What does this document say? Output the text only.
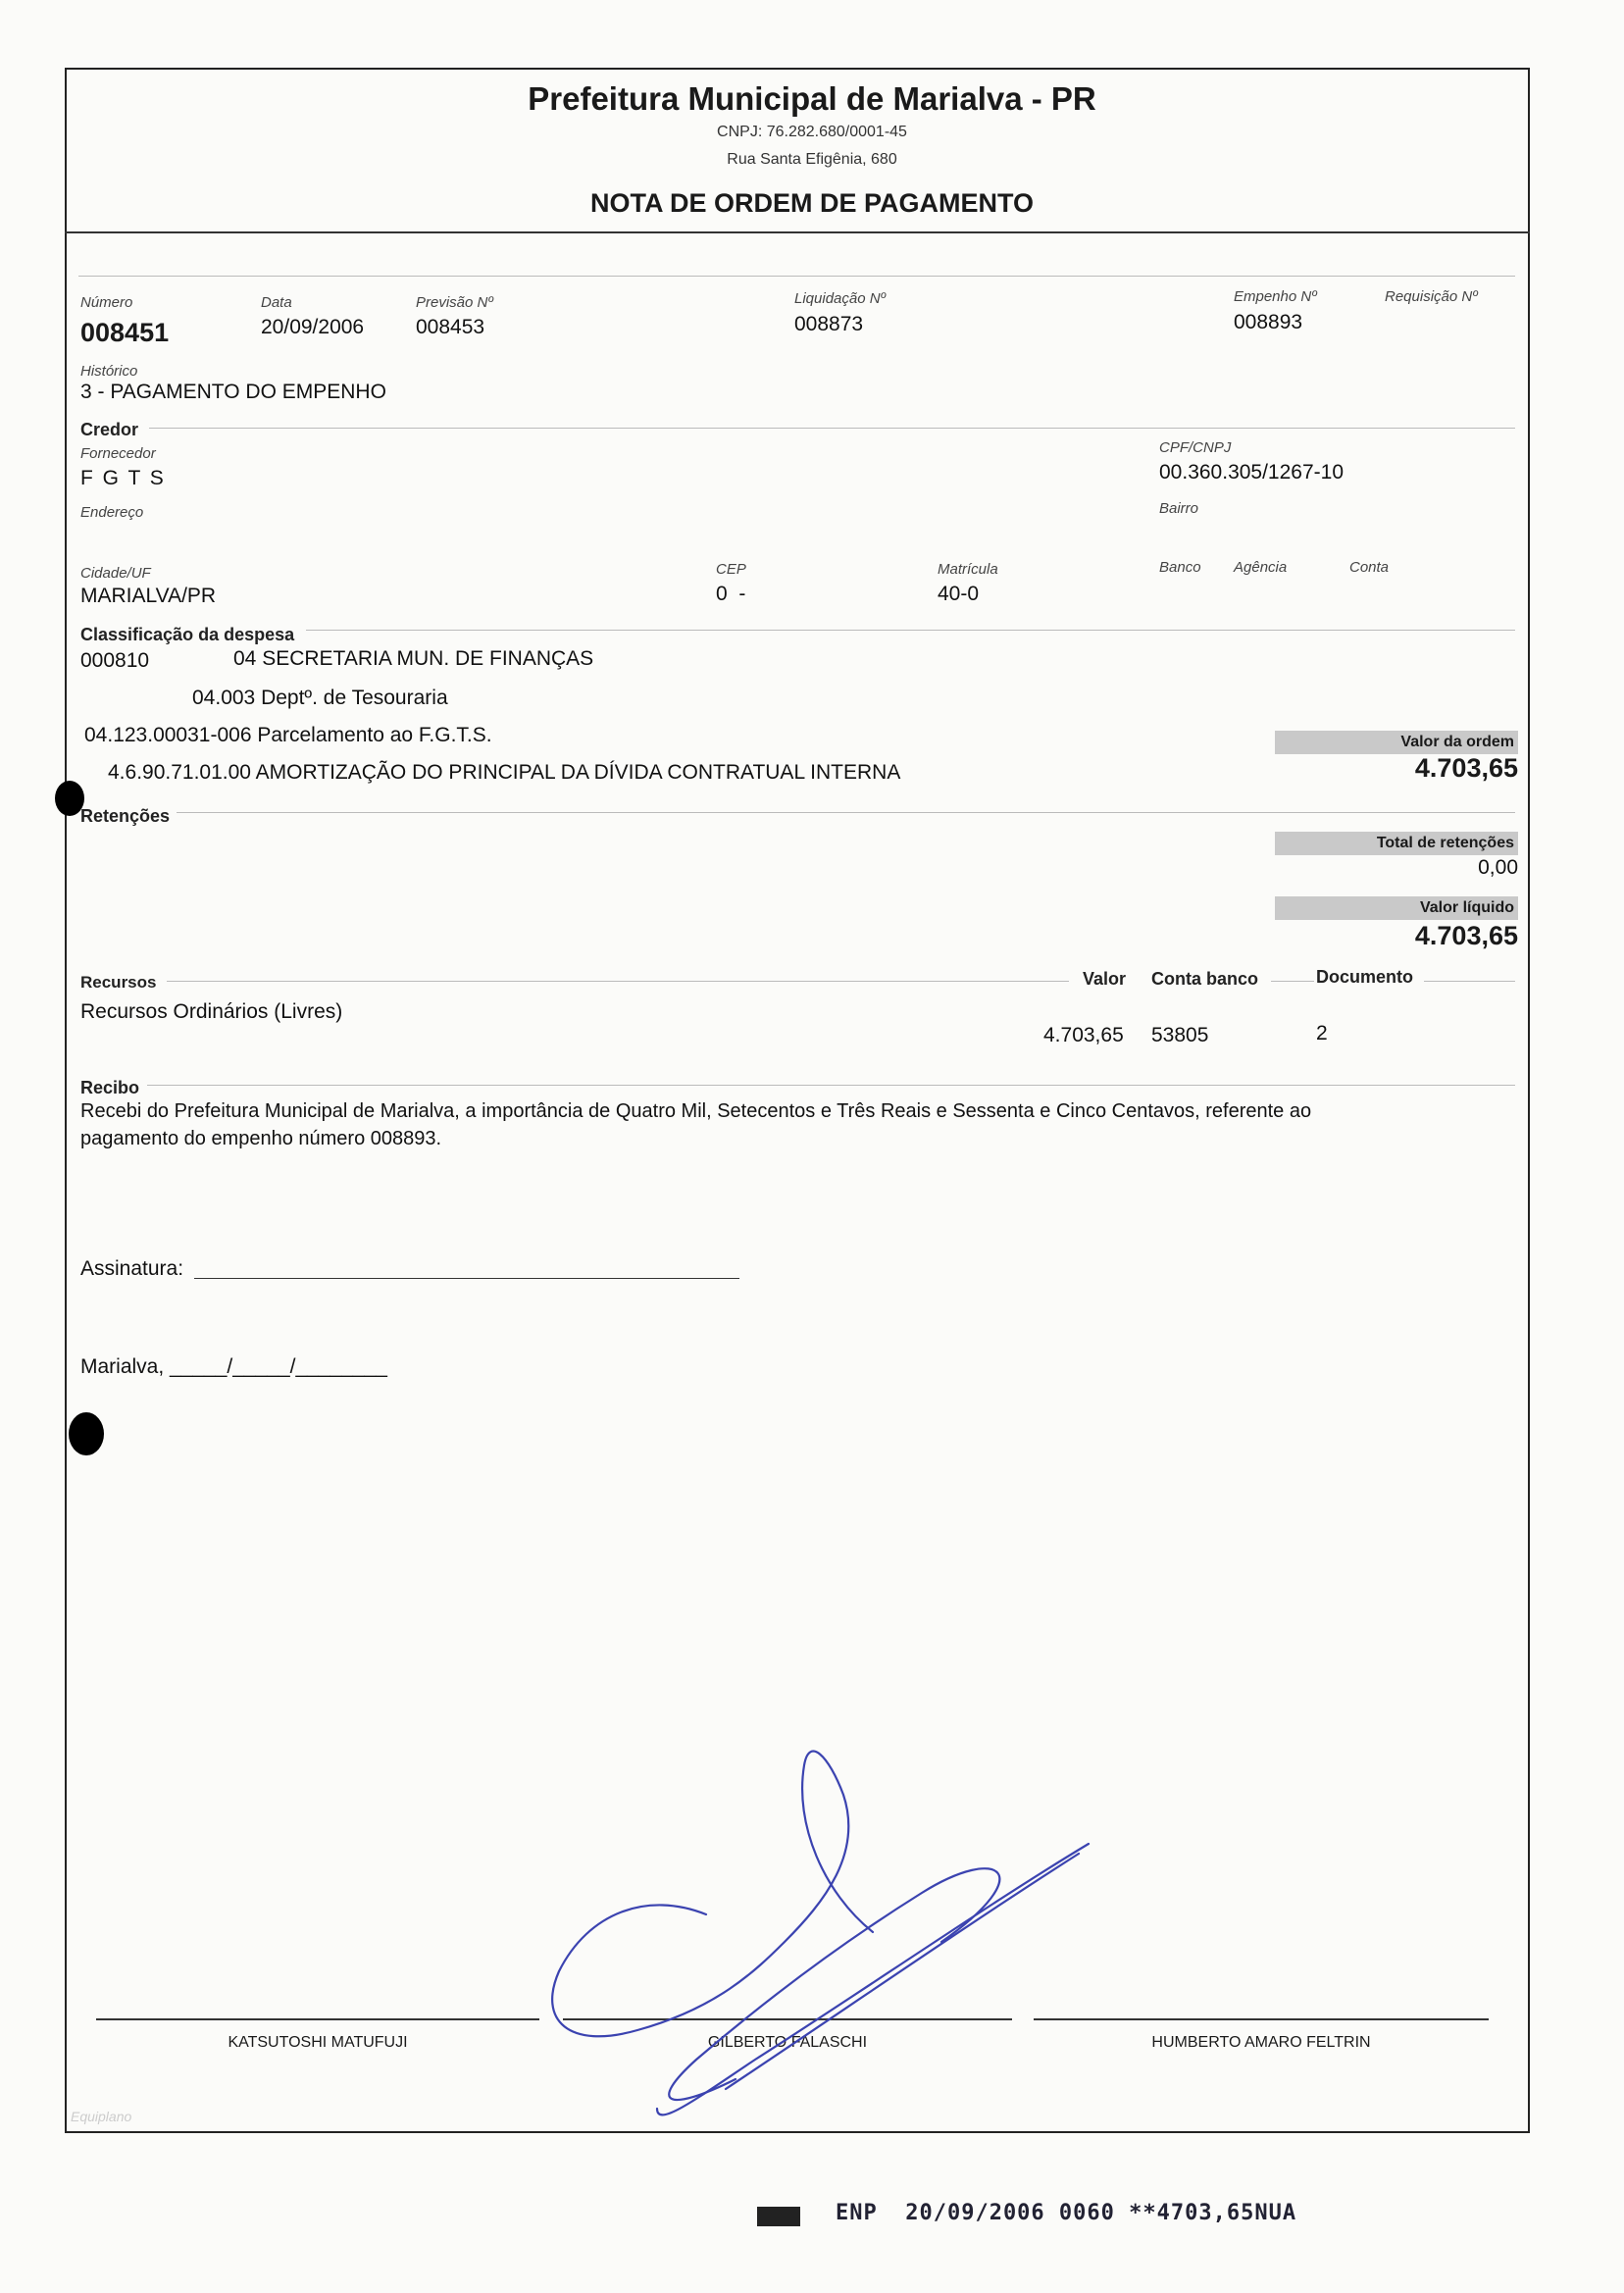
Prefeitura Municipal de Marialva - PR
CNPJ: 76.282.680/0001-45
Rua Santa Efigênia, 680
NOTA DE ORDEM DE PAGAMENTO
Número
008451
Data
20/09/2006
Previsão Nº
008453
Liquidação Nº
008873
Empenho Nº
008893
Requisição Nº
Histórico
3 - PAGAMENTO DO EMPENHO
Credor
Fornecedor
F G T S
CPF/CNPJ
00.360.305/1267-10
Endereço	Bairro
Cidade/UF
MARIALVA/PR
CEP
0  -
Matrícula
40-0
Banco Agência	Conta
Classificação da despesa
000810	04 SECRETARIA MUN. DE FINANÇAS
04.003 Deptº. de Tesouraria
04.123.00031-006 Parcelamento ao F.G.T.S.
4.6.90.71.01.00 AMORTIZAÇÃO DO PRINCIPAL DA DÍVIDA CONTRATUAL INTERNA
Valor da ordem
4.703,65
Retenções
Total de retenções
0,00
Valor líquido
4.703,65
Recursos	Valor Conta banco	Documento
Recursos Ordinários (Livres)
4.703,65 53805	2
Recibo
Recebi do Prefeitura Municipal de Marialva, a importância de Quatro Mil, Setecentos e Três Reais e Sessenta e Cinco Centavos, referente ao
pagamento do empenho número 008893.
Assinatura:
Marialva, _____/_____/________
KATSUTOSHI MATUFUJI	GILBERTO FALASCHI	HUMBERTO AMARO FELTRIN
Equiplano
ENP  20/09/2006 0060 **4703,65NUA
